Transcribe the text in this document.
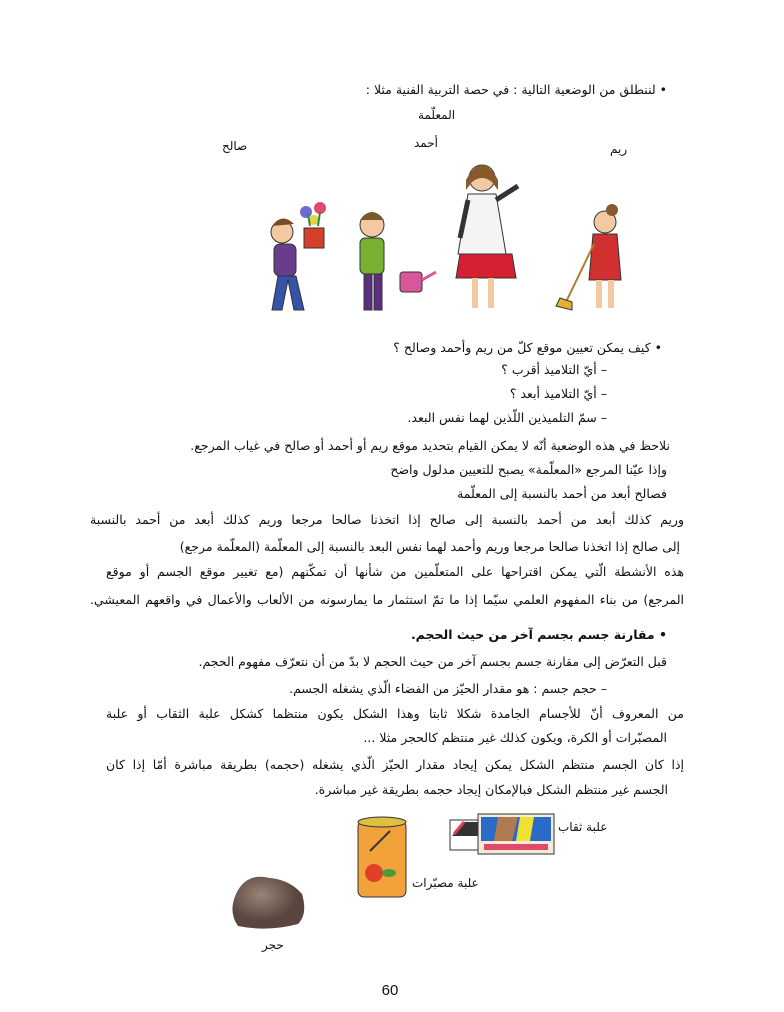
• لننطلق من الوضعية التالية : في حصة التربية الفنية مثلا :
المعلّمة
صالح	أحمد	ريم
• كيف يمكن تعيين موقع كلّ من ريم وأحمد وصالح ؟
– أيّ التلاميذ أقرب ؟
– أيّ التلاميذ أبعد ؟
– سمّ التلميذين اللّذين لهما نفس البعد.
نلاحظ في هذه الوضعية أنّه لا يمكن القيام بتحديد موقع ريم أو أحمد أو صالح في غياب المرجع.
وإذا عيّنا المرجع «المعلّمة» يصبح للتعيين مدلول واضح
فصالح أبعد من أحمد بالنسبة إلى المعلّمة
وريم كذلك أبعد من أحمد بالنسبة إلى صالح إذا اتخذنا صالحا مرجعا وريم كذلك أبعد من أحمد بالنسبة
إلى صالح إذا اتخذنا صالحا مرجعا وريم وأحمد لهما نفس البعد بالنسبة إلى المعلّمة (المعلّمة مرجع)
هذه الأنشطة الّتي يمكن اقتراحها على المتعلّمين من شأنها أن تمكّنهم (مع تغيير موقع الجسم أو موقع
المرجع) من بناء المفهوم العلمي سيّما إذا ما تمّ استثمار ما يمارسونه من الألعاب والأعمال في واقعهم المعيشي.
• مقارنة جسم بجسم آخر من حيث الحجم.
قبل التعرّض إلى مقارنة جسم بجسم آخر من حيث الحجم لا بدّ من أن نتعرّف مفهوم الحجم.
– حجم جسم : هو مقدار الحيّز من الفضاء الّذي يشغله الجسم.
من المعروف أنّ للأجسام الجامدة شكلا ثابتا وهذا الشكل يكون منتظما كشكل علبة الثقاب أو علبة
المصبّرات أو الكرة، ويكون كذلك غير منتظم كالحجر مثلا ...
إذا كان الجسم منتظم الشكل يمكن إيجاد مقدار الحيّز الّذي يشغله (حجمه) بطريقة مباشرة أمّا إذا كان
الجسم غير منتظم الشكل فبالإمكان إيجاد حجمه بطريقة غير مباشرة.
علبة ثقاب
علبة مصبّرات
حجر
60
